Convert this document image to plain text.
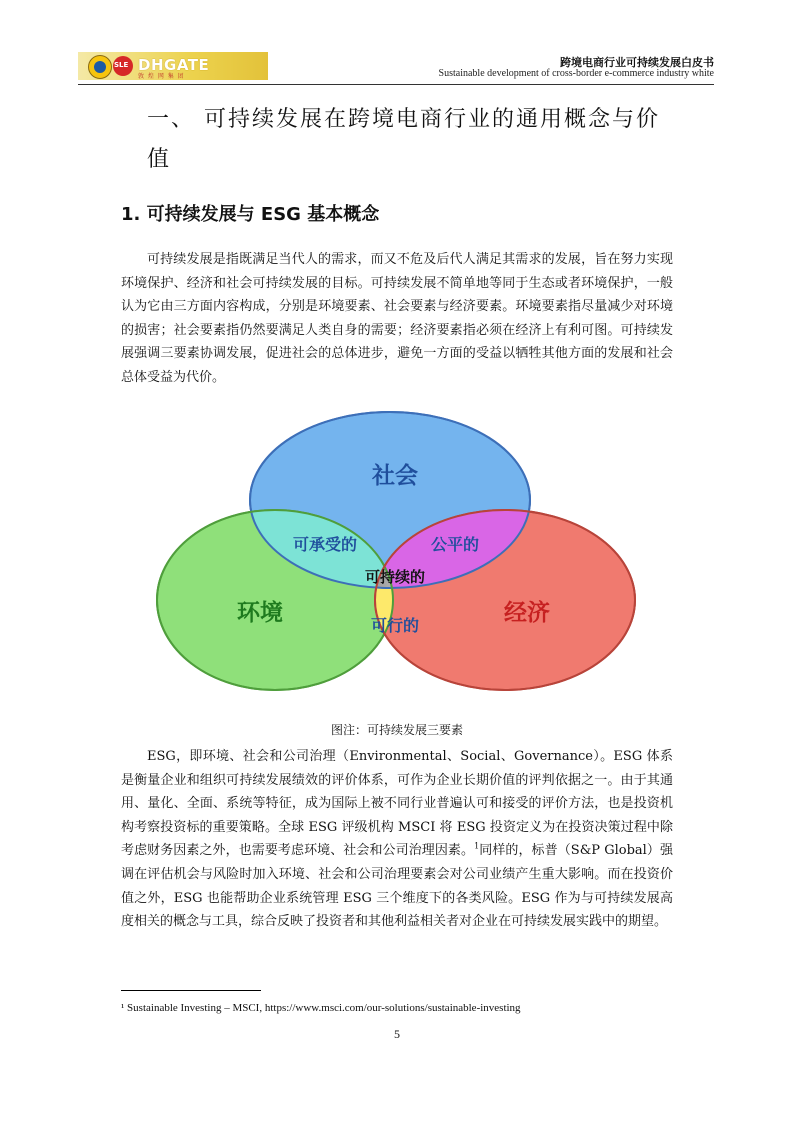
SLE DHGATE
敦 煌 网 集 团
跨境电商行业可持续发展白皮书
Sustainable development of cross-border e-commerce industry white
一、 可持续发展在跨境电商行业的通用概念与价值
1. 可持续发展与 ESG 基本概念

可持续发展是指既满足当代人的需求，而又不危及后代人满足其需求的发展，旨在努力实现环境保护、经济和社会可持续发展的目标。可持续发展不简单地等同于生态或者环境保护，一般认为它由三方面内容构成，分别是环境要素、社会要素与经济要素。环境要素指尽量减少对环境的损害；社会要素指仍然要满足人类自身的需要；经济要素指必须在经济上有利可图。可持续发展强调三要素协调发展，促进社会的总体进步，避免一方面的受益以牺牲其他方面的发展和社会总体受益为代价。

社会
环境	经济
可承受的	公平的
可行的
可持续的
图注：可持续发展三要素

ESG，即环境、社会和公司治理（Environmental、Social、Governance）。ESG 体系是衡量企业和组织可持续发展绩效的评价体系，可作为企业长期价值的评判依据之一。由于其通用、量化、全面、系统等特征，成为国际上被不同行业普遍认可和接受的评价方法，也是投资机构考察投资标的重要策略。全球 ESG 评级机构 MSCI 将 ESG 投资定义为在投资决策过程中除考虑财务因素之外，也需要考虑环境、社会和公司治理因素。$^1$同样的，标普（S&P Global）强调在评估机会与风险时加入环境、社会和公司治理要素会对公司业绩产生重大影响。而在投资价值之外，ESG 也能帮助企业系统管理 ESG 三个维度下的各类风险。ESG 作为与可持续发展高度相关的概念与工具，综合反映了投资者和其他利益相关者对企业在可持续发展实践中的期望。

¹ Sustainable Investing – MSCI, https://www.msci.com/our-solutions/sustainable-investing
5
